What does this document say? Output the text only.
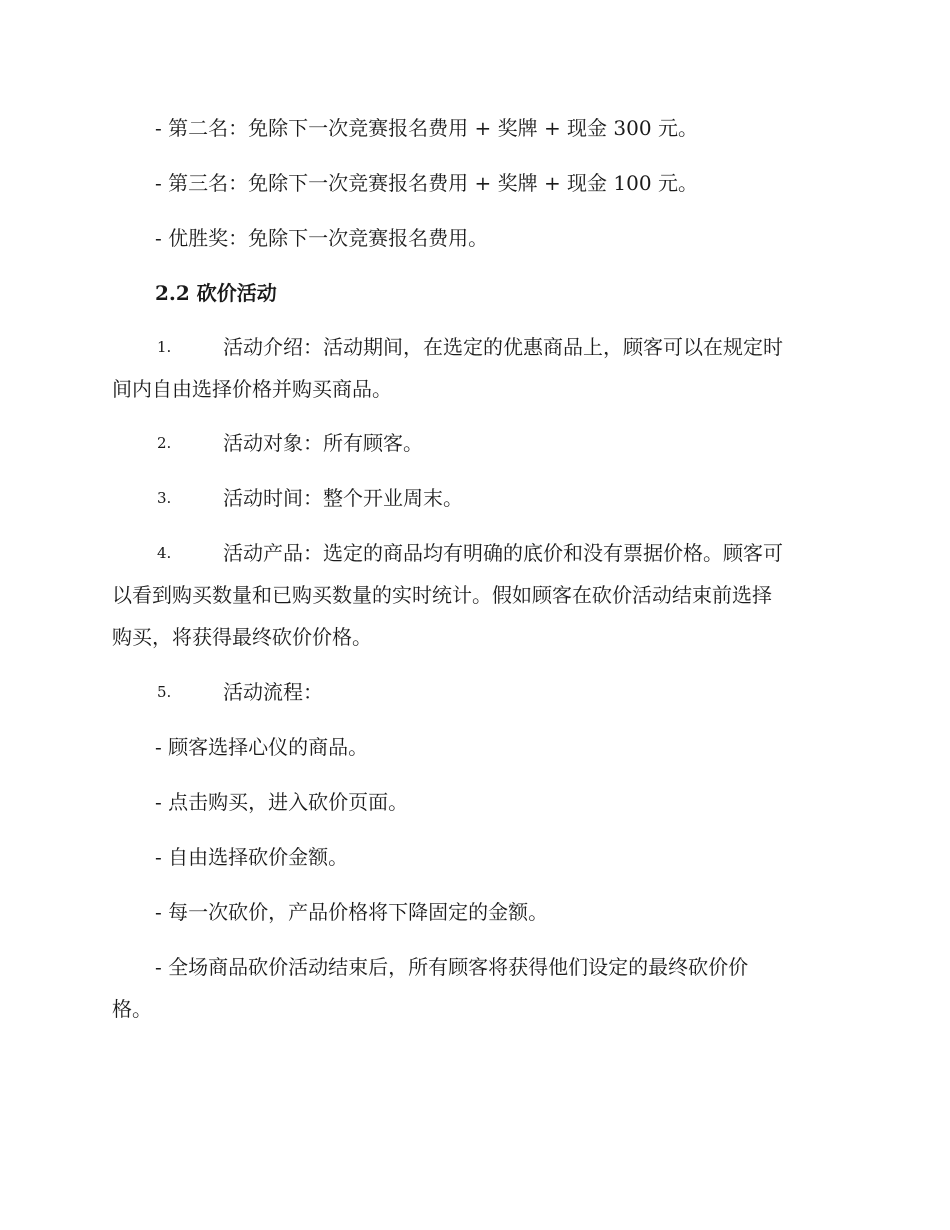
- 第二名：免除下一次竞赛报名费用 + 奖牌 + 现金 300 元。
- 第三名：免除下一次竞赛报名费用 + 奖牌 + 现金 100 元。
- 优胜奖：免除下一次竞赛报名费用。
2.2 砍价活动
1.	活动介绍：活动期间，在选定的优惠商品上，顾客可以在规定时
间内自由选择价格并购买商品。
2.	活动对象：所有顾客。
3.	活动时间：整个开业周末。
4.	活动产品：选定的商品均有明确的底价和没有票据价格。顾客可
以看到购买数量和已购买数量的实时统计。假如顾客在砍价活动结束前选择
购买，将获得最终砍价价格。
5.	活动流程：
- 顾客选择心仪的商品。
- 点击购买，进入砍价页面。
- 自由选择砍价金额。
- 每一次砍价，产品价格将下降固定的金额。
- 全场商品砍价活动结束后，所有顾客将获得他们设定的最终砍价价
格。
